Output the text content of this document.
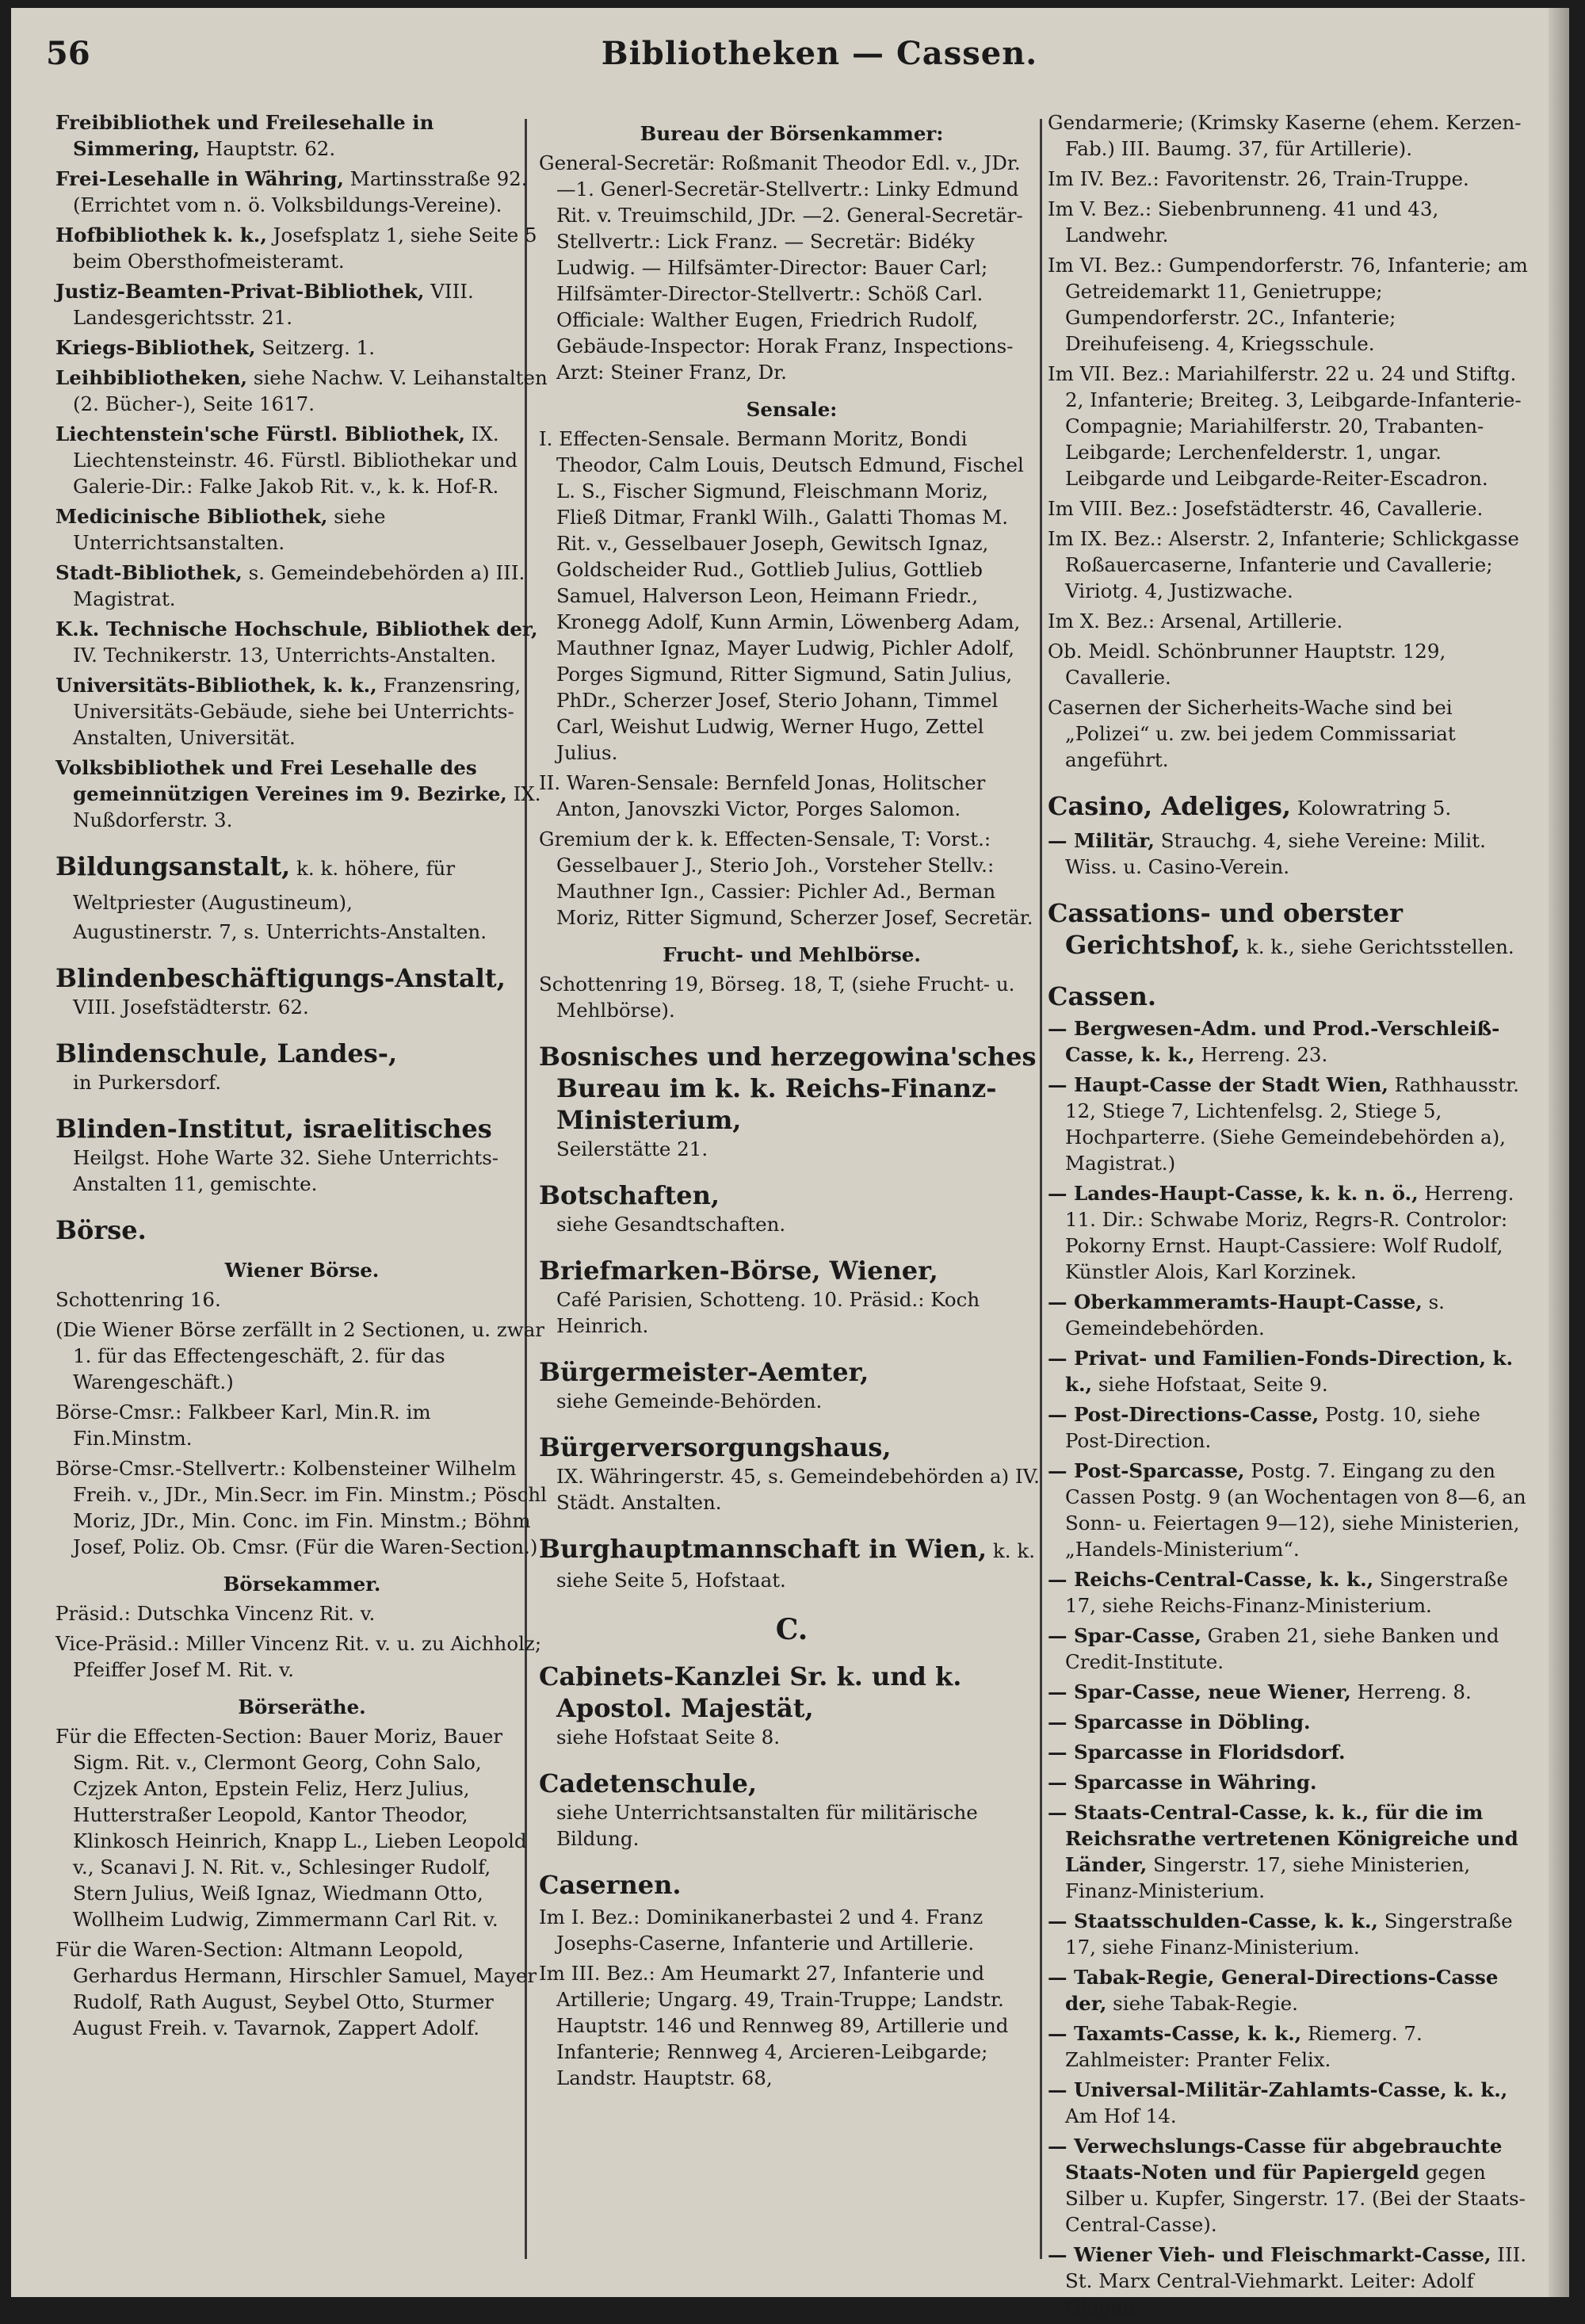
56	Bibliotheken — Cassen.
Freibibliothek und Freilesehalle in Simmering, Hauptstr. 62.
Frei-Lesehalle in Währing, Martinsstraße 92. (Errichtet vom n. ö. Volksbildungs-Vereine).
Hofbibliothek k. k., Josefsplatz 1, siehe Seite 5 beim Obersthofmeisteramt.
Justiz-Beamten-Privat-Bibliothek, VIII. Landesgerichtsstr. 21.
Kriegs-Bibliothek, Seitzerg. 1.
Leihbibliotheken, siehe Nachw. V. Leihanstalten (2. Bücher-), Seite 1617.
Liechtenstein'sche Fürstl. Bibliothek, IX. Liechtensteinstr. 46. Fürstl. Bibliothekar und Galerie-Dir.: Falke Jakob Rit. v., k. k. Hof-R.
Medicinische Bibliothek, siehe Unterrichtsanstalten.
Stadt-Bibliothek, s. Gemeindebehörden a) III. Magistrat.
K.k. Technische Hochschule, Bibliothek der, IV. Technikerstr. 13, Unterrichts-Anstalten.
Universitäts-Bibliothek, k. k., Franzensring, Universitäts-Gebäude, siehe bei Unterrichts-Anstalten, Universität.
Volksbibliothek und Frei Lesehalle des gemeinnützigen Vereines im 9. Bezirke, IX. Nußdorferstr. 3.
Bildungsanstalt, k. k. höhere, für Weltpriester (Augustineum),
Augustinerstr. 7, s. Unterrichts-Anstalten.
Blindenbeschäftigungs-Anstalt,
VIII. Josefstädterstr. 62.
Blindenschule, Landes-,
in Purkersdorf.
Blinden-Institut, israelitisches
Heilgst. Hohe Warte 32. Siehe Unterrichts-Anstalten 11, gemischte.
Börse.
Wiener Börse.
Schottenring 16.
(Die Wiener Börse zerfällt in 2 Sectionen, u. zwar 1. für das Effectengeschäft, 2. für das Warengeschäft.)
Börse-Cmsr.: Falkbeer Karl, Min.R. im Fin.Minstm.
Börse-Cmsr.-Stellvertr.: Kolbensteiner Wilhelm Freih. v., JDr., Min.Secr. im Fin. Minstm.; Pöschl Moriz, JDr., Min. Conc. im Fin. Minstm.; Böhm Josef, Poliz. Ob. Cmsr. (Für die Waren-Section.)
Börsekammer.
Präsid.: Dutschka Vincenz Rit. v.
Vice-Präsid.: Miller Vincenz Rit. v. u. zu Aichholz; Pfeiffer Josef M. Rit. v.
Börseräthe.
Für die Effecten-Section: Bauer Moriz, Bauer Sigm. Rit. v., Clermont Georg, Cohn Salo, Czjzek Anton, Epstein Feliz, Herz Julius, Hutterstraßer Leopold, Kantor Theodor, Klinkosch Heinrich, Knapp L., Lieben Leopold v., Scanavi J. N. Rit. v., Schlesinger Rudolf, Stern Julius, Weiß Ignaz, Wiedmann Otto, Wollheim Ludwig, Zimmermann Carl Rit. v.
Für die Waren-Section: Altmann Leopold, Gerhardus Hermann, Hirschler Samuel, Mayer Rudolf, Rath August, Seybel Otto, Sturmer August Freih. v. Tavarnok, Zappert Adolf.
Bureau der Börsenkammer:
General-Secretär: Roßmanit Theodor Edl. v., JDr. —1. Generl-Secretär-Stellvertr.: Linky Edmund Rit. v. Treuimschild, JDr. —2. General-Secretär-Stellvertr.: Lick Franz. — Secretär: Bidéky Ludwig. — Hilfsämter-Director: Bauer Carl; Hilfsämter-Director-Stellvertr.: Schöß Carl. Officiale: Walther Eugen, Friedrich Rudolf, Gebäude-Inspector: Horak Franz, Inspections-Arzt: Steiner Franz, Dr.
Sensale:
I. Effecten-Sensale. Bermann Moritz, Bondi Theodor, Calm Louis, Deutsch Edmund, Fischel L. S., Fischer Sigmund, Fleischmann Moriz, Fließ Ditmar, Frankl Wilh., Galatti Thomas M. Rit. v., Gesselbauer Joseph, Gewitsch Ignaz, Goldscheider Rud., Gottlieb Julius, Gottlieb Samuel, Halverson Leon, Heimann Friedr., Kronegg Adolf, Kunn Armin, Löwenberg Adam, Mauthner Ignaz, Mayer Ludwig, Pichler Adolf, Porges Sigmund, Ritter Sigmund, Satin Julius, PhDr., Scherzer Josef, Sterio Johann, Timmel Carl, Weishut Ludwig, Werner Hugo, Zettel Julius.
II. Waren-Sensale: Bernfeld Jonas, Holitscher Anton, Janovszki Victor, Porges Salomon.
Gremium der k. k. Effecten-Sensale, T: Vorst.: Gesselbauer J., Sterio Joh., Vorsteher Stellv.: Mauthner Ign., Cassier: Pichler Ad., Berman Moriz, Ritter Sigmund, Scherzer Josef, Secretär.
Frucht- und Mehlbörse.
Schottenring 19, Börseg. 18, T, (siehe Frucht- u. Mehlbörse).
Bosnisches und herzegowina'sches Bureau im k. k. Reichs-Finanz-Ministerium,
Seilerstätte 21.
Botschaften,
siehe Gesandtschaften.
Briefmarken-Börse, Wiener,
Café Parisien, Schotteng. 10. Präsid.: Koch Heinrich.
Bürgermeister-Aemter,
siehe Gemeinde-Behörden.
Bürgerversorgungshaus,
IX. Währingerstr. 45, s. Gemeindebehörden a) IV. Städt. Anstalten.
Burghauptmannschaft in Wien, k. k.
siehe Seite 5, Hofstaat.
C.
Cabinets-Kanzlei Sr. k. und k. Apostol. Majestät,
siehe Hofstaat Seite 8.
Cadetenschule,
siehe Unterrichtsanstalten für militärische Bildung.
Casernen.
Im I. Bez.: Dominikanerbastei 2 und 4. Franz Josephs-Caserne, Infanterie und Artillerie.
Im III. Bez.: Am Heumarkt 27, Infanterie und Artillerie; Ungarg. 49, Train-Truppe; Landstr. Hauptstr. 146 und Rennweg 89, Artillerie und Infanterie; Rennweg 4, Arcieren-Leibgarde; Landstr. Hauptstr. 68,
Gendarmerie; (Krimsky Kaserne (ehem. Kerzen-Fab.) III. Baumg. 37, für Artillerie).
Im IV. Bez.: Favoritenstr. 26, Train-Truppe.
Im V. Bez.: Siebenbrunneng. 41 und 43, Landwehr.
Im VI. Bez.: Gumpendorferstr. 76, Infanterie; am Getreidemarkt 11, Genietruppe; Gumpendorferstr. 2C., Infanterie; Dreihufeiseng. 4, Kriegsschule.
Im VII. Bez.: Mariahilferstr. 22 u. 24 und Stiftg. 2, Infanterie; Breiteg. 3, Leibgarde-Infanterie-Compagnie; Mariahilferstr. 20, Trabanten-Leibgarde; Lerchenfelderstr. 1, ungar. Leibgarde und Leibgarde-Reiter-Escadron.
Im VIII. Bez.: Josefstädterstr. 46, Cavallerie.
Im IX. Bez.: Alserstr. 2, Infanterie; Schlickgasse Roßauercaserne, Infanterie und Cavallerie; Viriotg. 4, Justizwache.
Im X. Bez.: Arsenal, Artillerie.
Ob. Meidl. Schönbrunner Hauptstr. 129, Cavallerie.
Casernen der Sicherheits-Wache sind bei „Polizei“ u. zw. bei jedem Commissariat angeführt.
Casino, Adeliges, Kolowratring 5.
— Militär, Strauchg. 4, siehe Vereine: Milit. Wiss. u. Casino-Verein.
Cassations- und oberster Gerichtshof, k. k., siehe Gerichtsstellen.
Cassen.
— Bergwesen-Adm. und Prod.-Verschleiß-Casse, k. k., Herreng. 23.
— Haupt-Casse der Stadt Wien, Rathhausstr. 12, Stiege 7, Lichtenfelsg. 2, Stiege 5, Hochparterre. (Siehe Gemeindebehörden a), Magistrat.)
— Landes-Haupt-Casse, k. k. n. ö., Herreng. 11. Dir.: Schwabe Moriz, Regrs-R. Controlor: Pokorny Ernst. Haupt-Cassiere: Wolf Rudolf, Künstler Alois, Karl Korzinek.
— Oberkammeramts-Haupt-Casse, s. Gemeindebehörden.
— Privat- und Familien-Fonds-Direction, k. k., siehe Hofstaat, Seite 9.
— Post-Directions-Casse, Postg. 10, siehe Post-Direction.
— Post-Sparcasse, Postg. 7. Eingang zu den Cassen Postg. 9 (an Wochentagen von 8—6, an Sonn- u. Feiertagen 9—12), siehe Ministerien, „Handels-Ministerium“.
— Reichs-Central-Casse, k. k., Singerstraße 17, siehe Reichs-Finanz-Ministerium.
— Spar-Casse, Graben 21, siehe Banken und Credit-Institute.
— Spar-Casse, neue Wiener, Herreng. 8.
— Sparcasse in Döbling.
— Sparcasse in Floridsdorf.
— Sparcasse in Währing.
— Staats-Central-Casse, k. k., für die im Reichsrathe vertretenen Königreiche und Länder, Singerstr. 17, siehe Ministerien, Finanz-Ministerium.
— Staatsschulden-Casse, k. k., Singerstraße 17, siehe Finanz-Ministerium.
— Tabak-Regie, General-Directions-Casse der, siehe Tabak-Regie.
— Taxamts-Casse, k. k., Riemerg. 7. Zahlmeister: Pranter Felix.
— Universal-Militär-Zahlamts-Casse, k. k., Am Hof 14.
— Verwechslungs-Casse für abgebrauchte Staats-Noten und für Papiergeld gegen Silber u. Kupfer, Singerstr. 17. (Bei der Staats-Central-Casse).
— Wiener Vieh- und Fleischmarkt-Casse, III. St. Marx Central-Viehmarkt. Leiter: Adolf Glogau.
